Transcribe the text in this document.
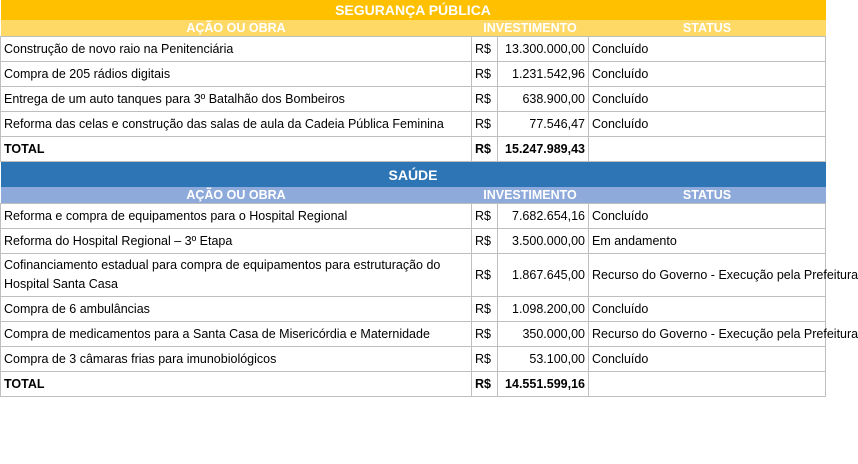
SEGURANÇA PÚBLICA			
AÇÃO OU OBRA	INVESTIMENTO		STATUS
Construção de novo raio na Penitenciária	R$	13.300.000,00	Concluído
Compra de 205 rádios digitais	R$	1.231.542,96	Concluído
Entrega de um auto tanques para 3º Batalhão dos Bombeiros	R$	638.900,00	Concluído
Reforma das celas e construção das salas de aula da Cadeia Pública Feminina	R$	77.546,47	Concluído
TOTAL	R$	15.247.989,43	
SAÚDE			
AÇÃO OU OBRA	INVESTIMENTO		STATUS
Reforma e compra de equipamentos para o Hospital Regional	R$	7.682.654,16	Concluído
Reforma do Hospital Regional – 3º Etapa	R$	3.500.000,00	Em andamento
Cofinanciamento estadual para compra de equipamentos para estruturação do Hospital Santa Casa	R$	1.867.645,00	Recurso do Governo - Execução pela Prefeitura
Compra de 6 ambulâncias	R$	1.098.200,00	Concluído
Compra de medicamentos para a Santa Casa de Misericórdia e Maternidade	R$	350.000,00	Recurso do Governo - Execução pela Prefeitura
Compra de 3 câmaras frias para imunobiológicos	R$	53.100,00	Concluído
TOTAL	R$	14.551.599,16	
